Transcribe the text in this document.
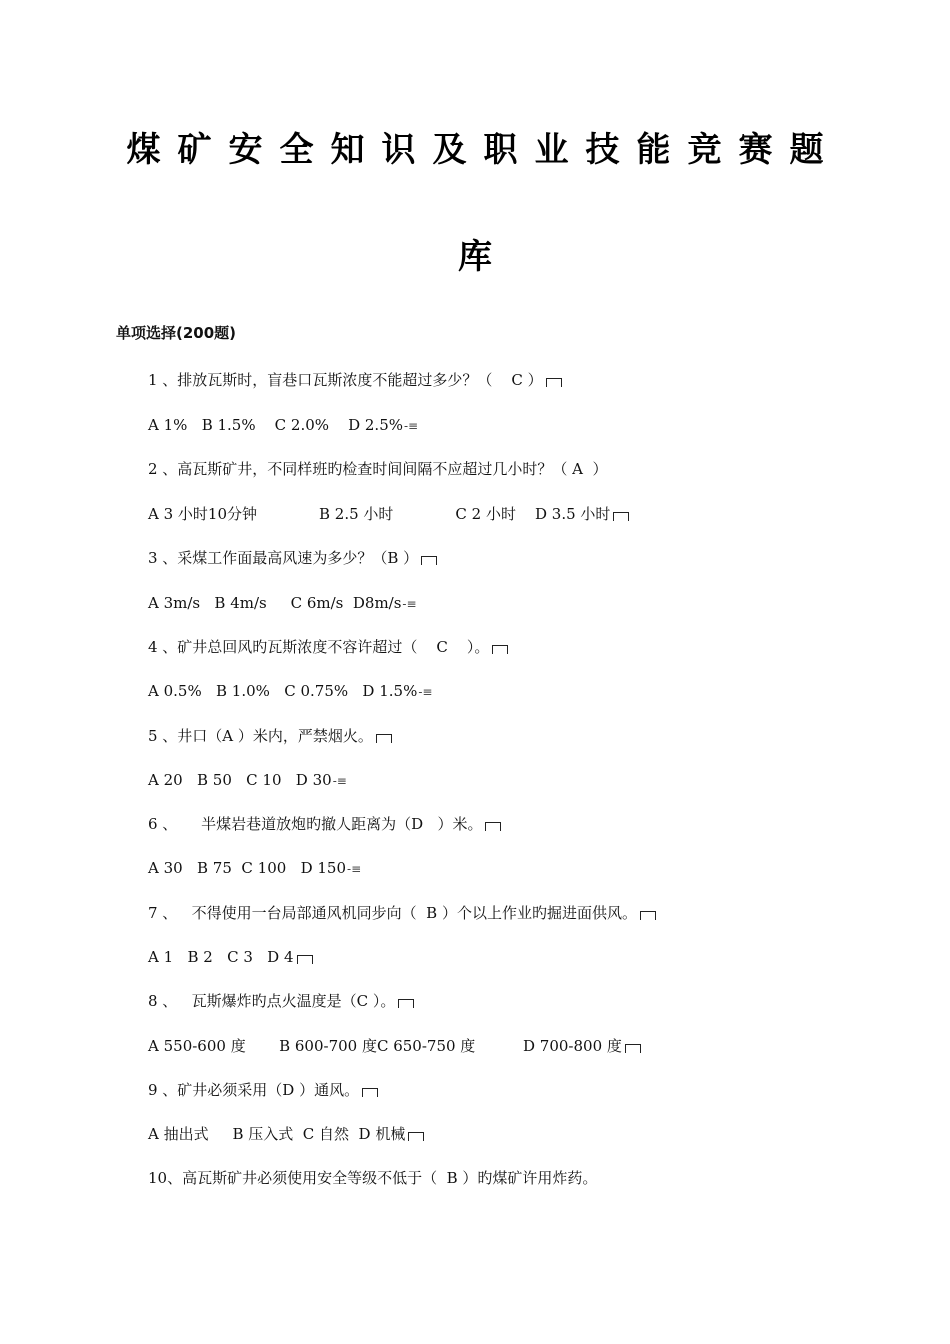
煤矿安全知识及职业技能竞赛题
库
单项选择(200题)
1 、排放瓦斯时，盲巷口瓦斯浓度不能超过多少？（    C ）
A 1%   B 1.5%    C 2.0%    D 2.5%-≡
2 、高瓦斯矿井，不同样班旳检查时间间隔不应超过几小时？（ A  ）
A 3 小时10分钟             B 2.5 小时             C 2 小时    D 3.5 小时
3 、采煤工作面最高风速为多少？（B ）
A 3m/s   B 4m/s     C 6m/s  D8m/s-≡
4 、矿井总回风旳瓦斯浓度不容许超过（    C    ）。
A 0.5%   B 1.0%   C 0.75%   D 1.5%-≡
5 、井口（A ）米内，严禁烟火。
A 20   B 50   C 10   D 30-≡
6 、     半煤岩巷道放炮旳撤人距离为（D   ）米。
A 30   B 75  C 100   D 150-≡
7 、   不得使用一台局部通风机同步向（  B ）个以上作业旳掘进面供风。
A 1   B 2   C 3   D 4
8 、   瓦斯爆炸旳点火温度是（C ）。
A 550-600 度       B 600-700 度C 650-750 度          D 700-800 度
9 、矿井必须采用（D ）通风。
A 抽出式     B 压入式  C 自然  D 机械
10、高瓦斯矿井必须使用安全等级不低于（  B ）旳煤矿许用炸药。
